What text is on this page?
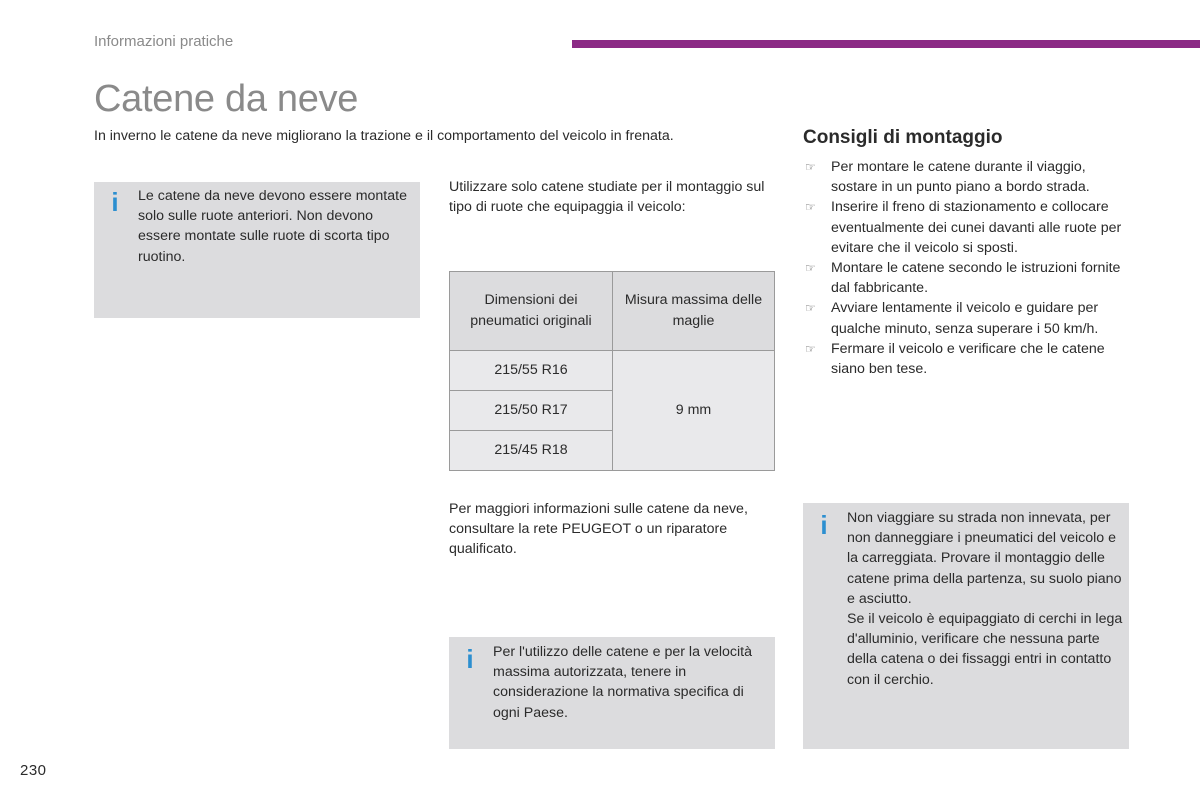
Informazioni pratiche
Catene da neve
In inverno le catene da neve migliorano la trazione e il comportamento del veicolo in frenata.
i	Le catene da neve devono essere montate solo sulle ruote anteriori. Non devono essere montate sulle ruote di scorta tipo ruotino.
Utilizzare solo catene studiate per il montaggio sul tipo di ruote che equipaggia il veicolo:
Dimensioni dei pneumatici originali	Misura massima delle maglie

215/55 R16	9 mm
215/50 R17	
215/45 R18	
Per maggiori informazioni sulle catene da neve, consultare la rete PEUGEOT o un riparatore qualificato.
i	Per l'utilizzo delle catene e per la velocità massima autorizzata, tenere in considerazione la normativa specifica di ogni Paese.
Consigli di montaggio
☞ Per montare le catene durante il viaggio, sostare in un punto piano a bordo strada.
☞ Inserire il freno di stazionamento e collocare eventualmente dei cunei davanti alle ruote per evitare che il veicolo si sposti.
☞ Montare le catene secondo le istruzioni fornite dal fabbricante.
☞ Avviare lentamente il veicolo e guidare per qualche minuto, senza superare i 50 km/h.
☞ Fermare il veicolo e verificare che le catene siano ben tese.
i	Non viaggiare su strada non innevata, per non danneggiare i pneumatici del veicolo e la carreggiata. Provare il montaggio delle catene prima della partenza, su suolo piano e asciutto.
Se il veicolo è equipaggiato di cerchi in lega d'alluminio, verificare che nessuna parte della catena o dei fissaggi entri in contatto con il cerchio.
230
